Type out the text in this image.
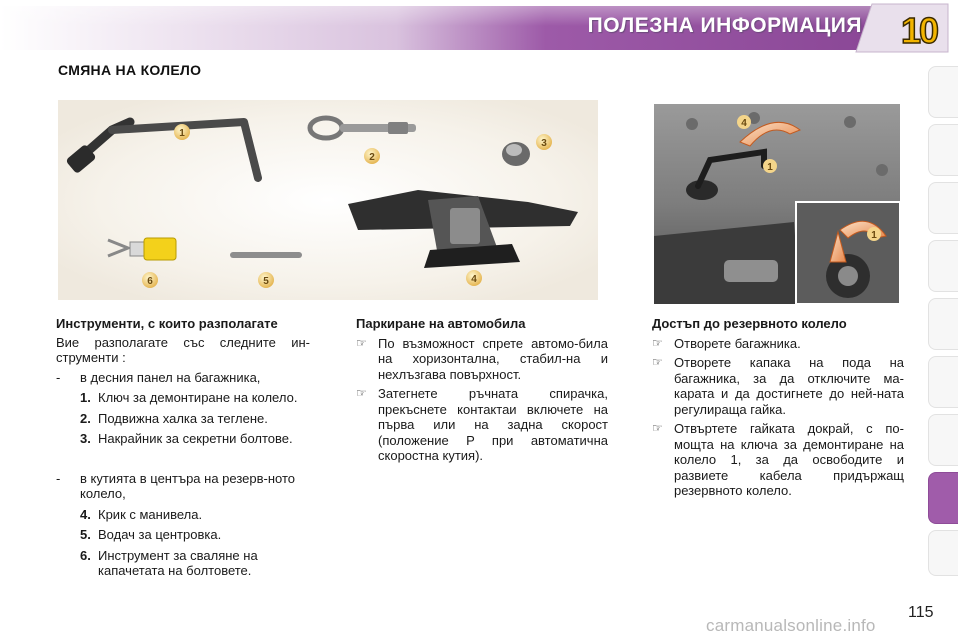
ПОЛЕЗНА ИНФОРМАЦИЯ 10
СМЯНА НА КОЛЕЛО
1
2
3
4
5
6
4
1
1
Инструменти, с които разполагате
Вие разполагате със следните ин-струменти :
-	в десния панел на багажника,
1. Ключ за демонтиране на колело.
2. Подвижна халка за теглене.
3. Накрайник за секретни болтове.
-	в кутията в центъра на резерв-ното колело,
4. Крик с манивела.
5. Водач за центровка.
6. Инструмент за сваляне на капачетата на болтовете.
Паркиране на автомобила
☞ По възможност спрете автомо-била на хоризонтална, стабил-на и нехлъзгава повърхност.
☞ Затегнете ръчната спирачка, прекъснете контактаи включете на първа или на задна скорост (положение P при автоматична скоростна кутия).
Достъп до резервното колело
☞ Отворете багажника.
☞ Отворете капака на пода на багажника, за да отключите ма-карата и да достигнете до ней-ната регулираща гайка.
☞ Отвъртете гайката докрай, с по-мощта на ключа за демонтиране на колело 1, за да освободите и развиете кабела придържащ резервното колело.
115
carmanualsonline.info
